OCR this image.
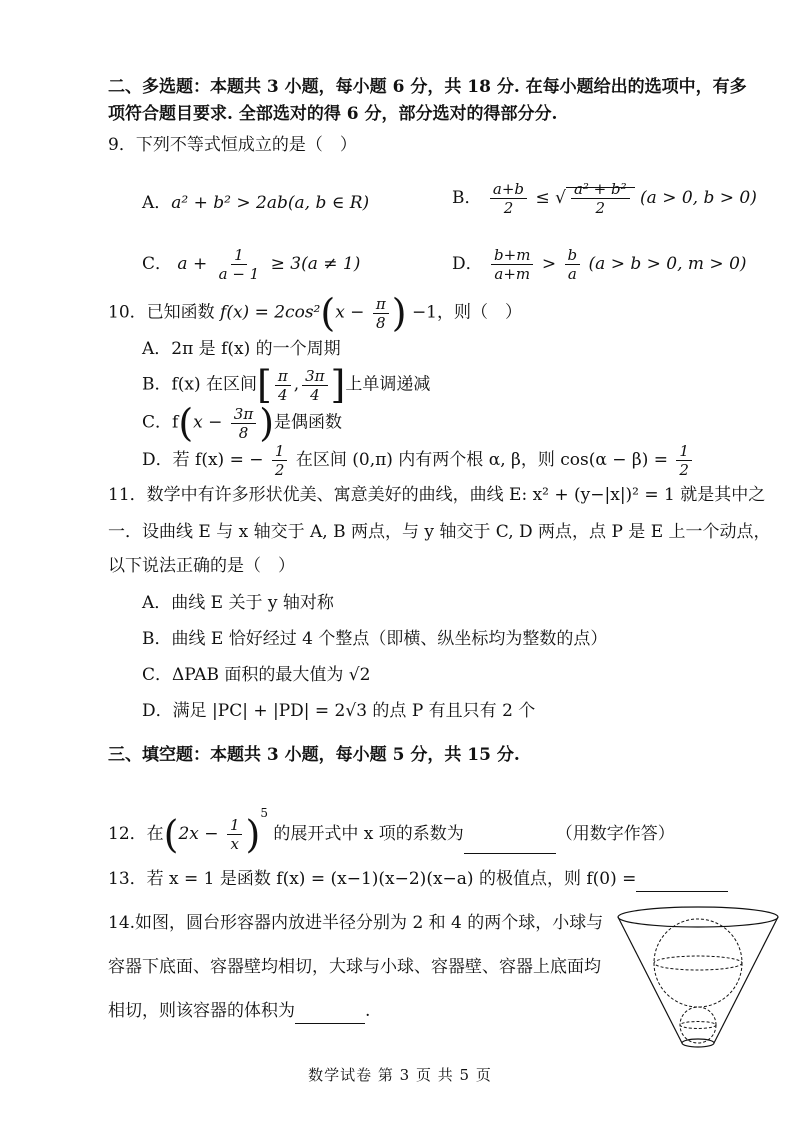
二、多选题：本题共 3 小题，每小题 6 分，共 18 分. 在每小题给出的选项中，有多
项符合题目要求. 全部选对的得 6 分，部分选对的得部分分.
9．下列不等式恒成立的是（　）
A．a² + b² > 2ab(a, b ∈ R)	B． $\frac{a+b}{2}$ ≤ √ $\frac{\text{a² + b²}}{2} (a > 0$, b > 0)
C． $a + \frac{1}{a - 1} \ge 3(a \ne 1)$	D． $\frac{b+m}{a+m} > \frac{b}{a} (a > b > 0$, m > 0)
10．已知函数 $f(x) = 2\cos^2(x - \frac{\pi}{8}$ ) −1，则（　）
A．2π 是 f(x) 的一个周期
B．f(x) 在区间[ $\frac{\pi}{4}$ , $\frac{3\pi}{4}$ ]上单调递减
C．$f(x - \frac{3\pi}{8}$ )是偶函数
D．若 f(x) = − $\frac{1}{2}$ 在区间 (0,π) 内有两个根 α, β，则 $\cos(\alpha - \beta) = \frac{1}{2}$
11．数学中有许多形状优美、寓意美好的曲线，曲线 E: x² + (y−|x|)² = 1 就是其中之
一．设曲线 E 与 x 轴交于 A, B 两点，与 y 轴交于 C, D 两点，点 P 是 E 上一个动点，
以下说法正确的是（　）
A．曲线 E 关于 y 轴对称
B．曲线 E 恰好经过 4 个整点（即横、纵坐标均为整数的点）
C．ΔPAB 面积的最大值为 √2
D．满足 |PC| + |PD| = 2√3 的点 P 有且只有 2 个
三、填空题：本题共 3 小题，每小题 5 分，共 15 分.
12．在$(2x - \frac{1}{x} )^5$ 的展开式中 x 项的系数为	（用数字作答）
13．若 x = 1 是函数 f(x) = (x−1)(x−2)(x−a) 的极值点，则 f(0) =
14.如图，圆台形容器内放进半径分别为 2 和 4 的两个球，小球与
容器下底面、容器壁均相切，大球与小球、容器壁、容器上底面均
相切，则该容器的体积为	.
数学试卷 第 3 页 共 5 页
